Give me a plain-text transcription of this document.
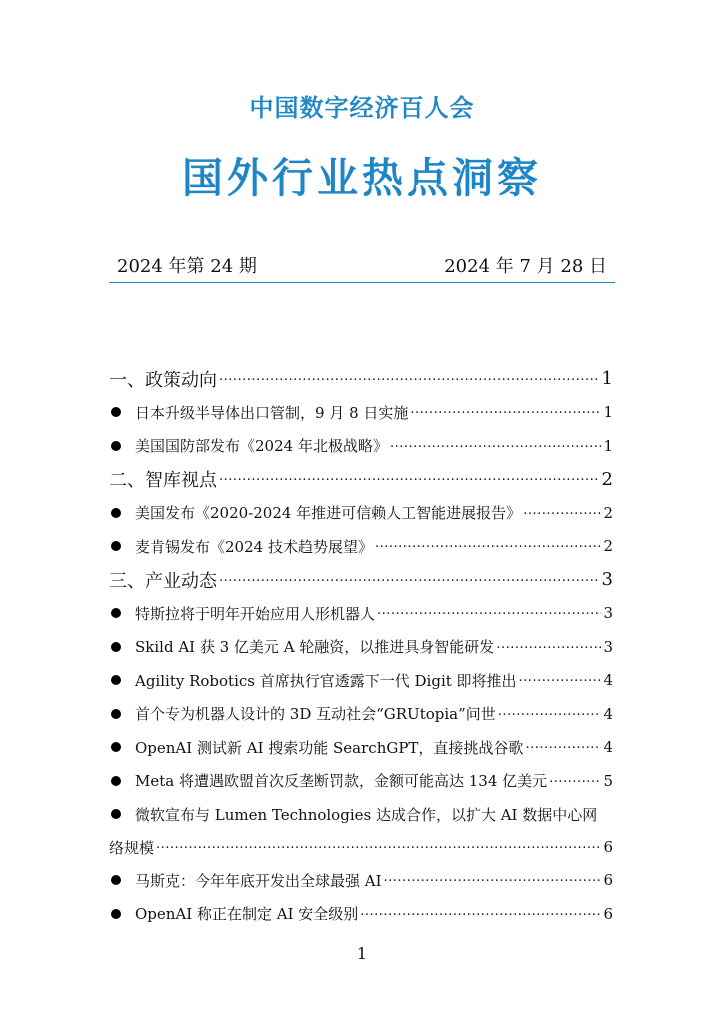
中国数字经济百人会
国外行业热点洞察
2024 年第 24 期	2024 年 7 月 28 日
一、政策动向 .....	1
日本升级半导体出口管制，9 月 8 日实施 .....	1
美国国防部发布《2024 年北极战略》 .....	1
二、智库视点 .....	2
美国发布《2020-2024 年推进可信赖人工智能进展报告》 .....	2
麦肯锡发布《2024 技术趋势展望》 .....	2
三、产业动态 .....	3
特斯拉将于明年开始应用人形机器人 .....	3
Skild AI 获 3 亿美元 A 轮融资，以推进具身智能研发 .....	3
Agility Robotics 首席执行官透露下一代 Digit 即将推出 .....	4
首个专为机器人设计的 3D 互动社会“GRUtopia”问世 .....	4
OpenAI 测试新 AI 搜索功能 SearchGPT，直接挑战谷歌 .....	4
Meta 将遭遇欧盟首次反垄断罚款，金额可能高达 134 亿美元 .....	5
微软宣布与 Lumen Technologies 达成合作，以扩大 AI 数据中心网
络规模 .....	6
马斯克：今年年底开发出全球最强 AI .....	6
OpenAI 称正在制定 AI 安全级别 .....	6
1
